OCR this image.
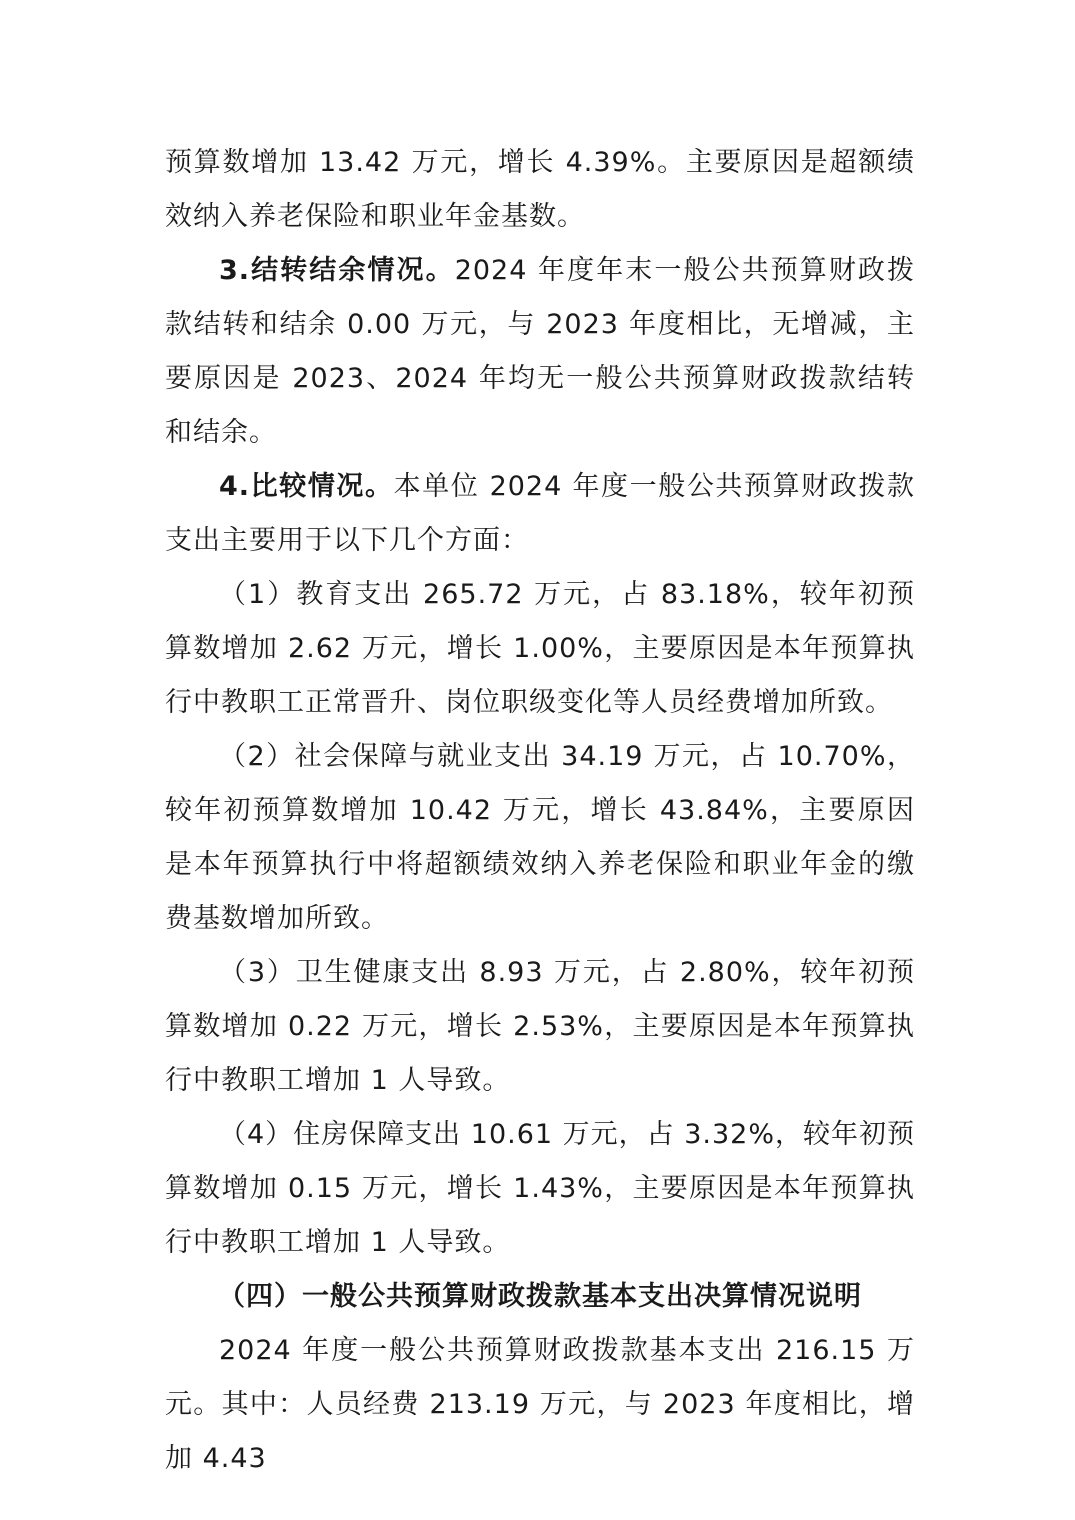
预算数增加 13.42 万元，增长 4.39%。主要原因是超额绩效纳入养老保险和职业年金基数。

3.结转结余情况。2024 年度年末一般公共预算财政拨款结转和结余 0.00 万元，与 2023 年度相比，无增减，主要原因是 2023、2024 年均无一般公共预算财政拨款结转和结余。

4.比较情况。本单位 2024 年度一般公共预算财政拨款支出主要用于以下几个方面：

（1）教育支出 265.72 万元，占 83.18%，较年初预算数增加 2.62 万元，增长 1.00%，主要原因是本年预算执行中教职工正常晋升、岗位职级变化等人员经费增加所致。

（2）社会保障与就业支出 34.19 万元，占 10.70%，较年初预算数增加 10.42 万元，增长 43.84%，主要原因是本年预算执行中将超额绩效纳入养老保险和职业年金的缴费基数增加所致。

（3）卫生健康支出 8.93 万元，占 2.80%，较年初预算数增加 0.22 万元，增长 2.53%，主要原因是本年预算执行中教职工增加 1 人导致。

（4）住房保障支出 10.61 万元，占 3.32%，较年初预算数增加 0.15 万元，增长 1.43%，主要原因是本年预算执行中教职工增加 1 人导致。

（四）一般公共预算财政拨款基本支出决算情况说明

2024 年度一般公共预算财政拨款基本支出 216.15 万元。其中：人员经费 213.19 万元，与 2023 年度相比，增加 4.43
